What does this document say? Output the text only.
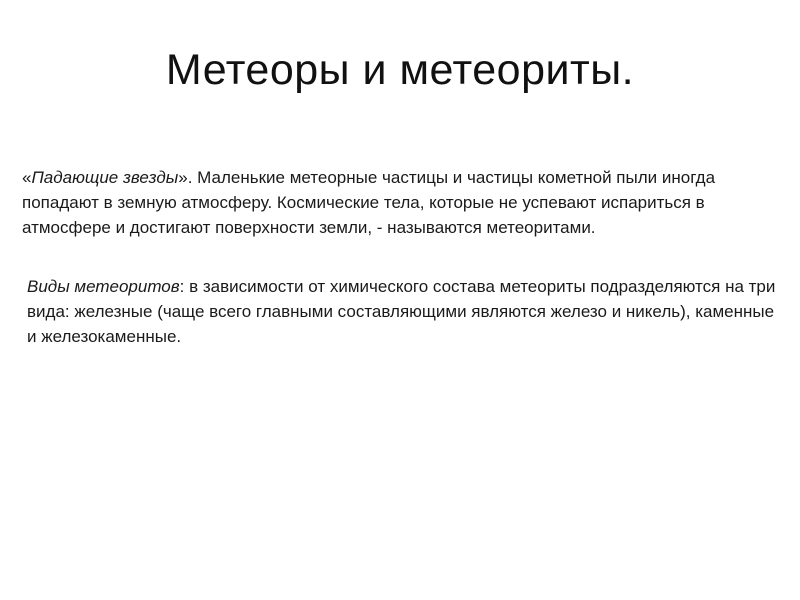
Метеоры и метеориты.

«Падающие звезды». Маленькие метеорные частицы и частицы кометной пыли иногда попадают в земную атмосферу. Космические тела, которые не успевают испариться в атмосфере и достигают поверхности земли, - называются метеоритами.

Виды метеоритов: в зависимости от химического состава метеориты подразделяются на три вида: железные (чаще всего главными составляющими являются железо и никель), каменные и железокаменные.
